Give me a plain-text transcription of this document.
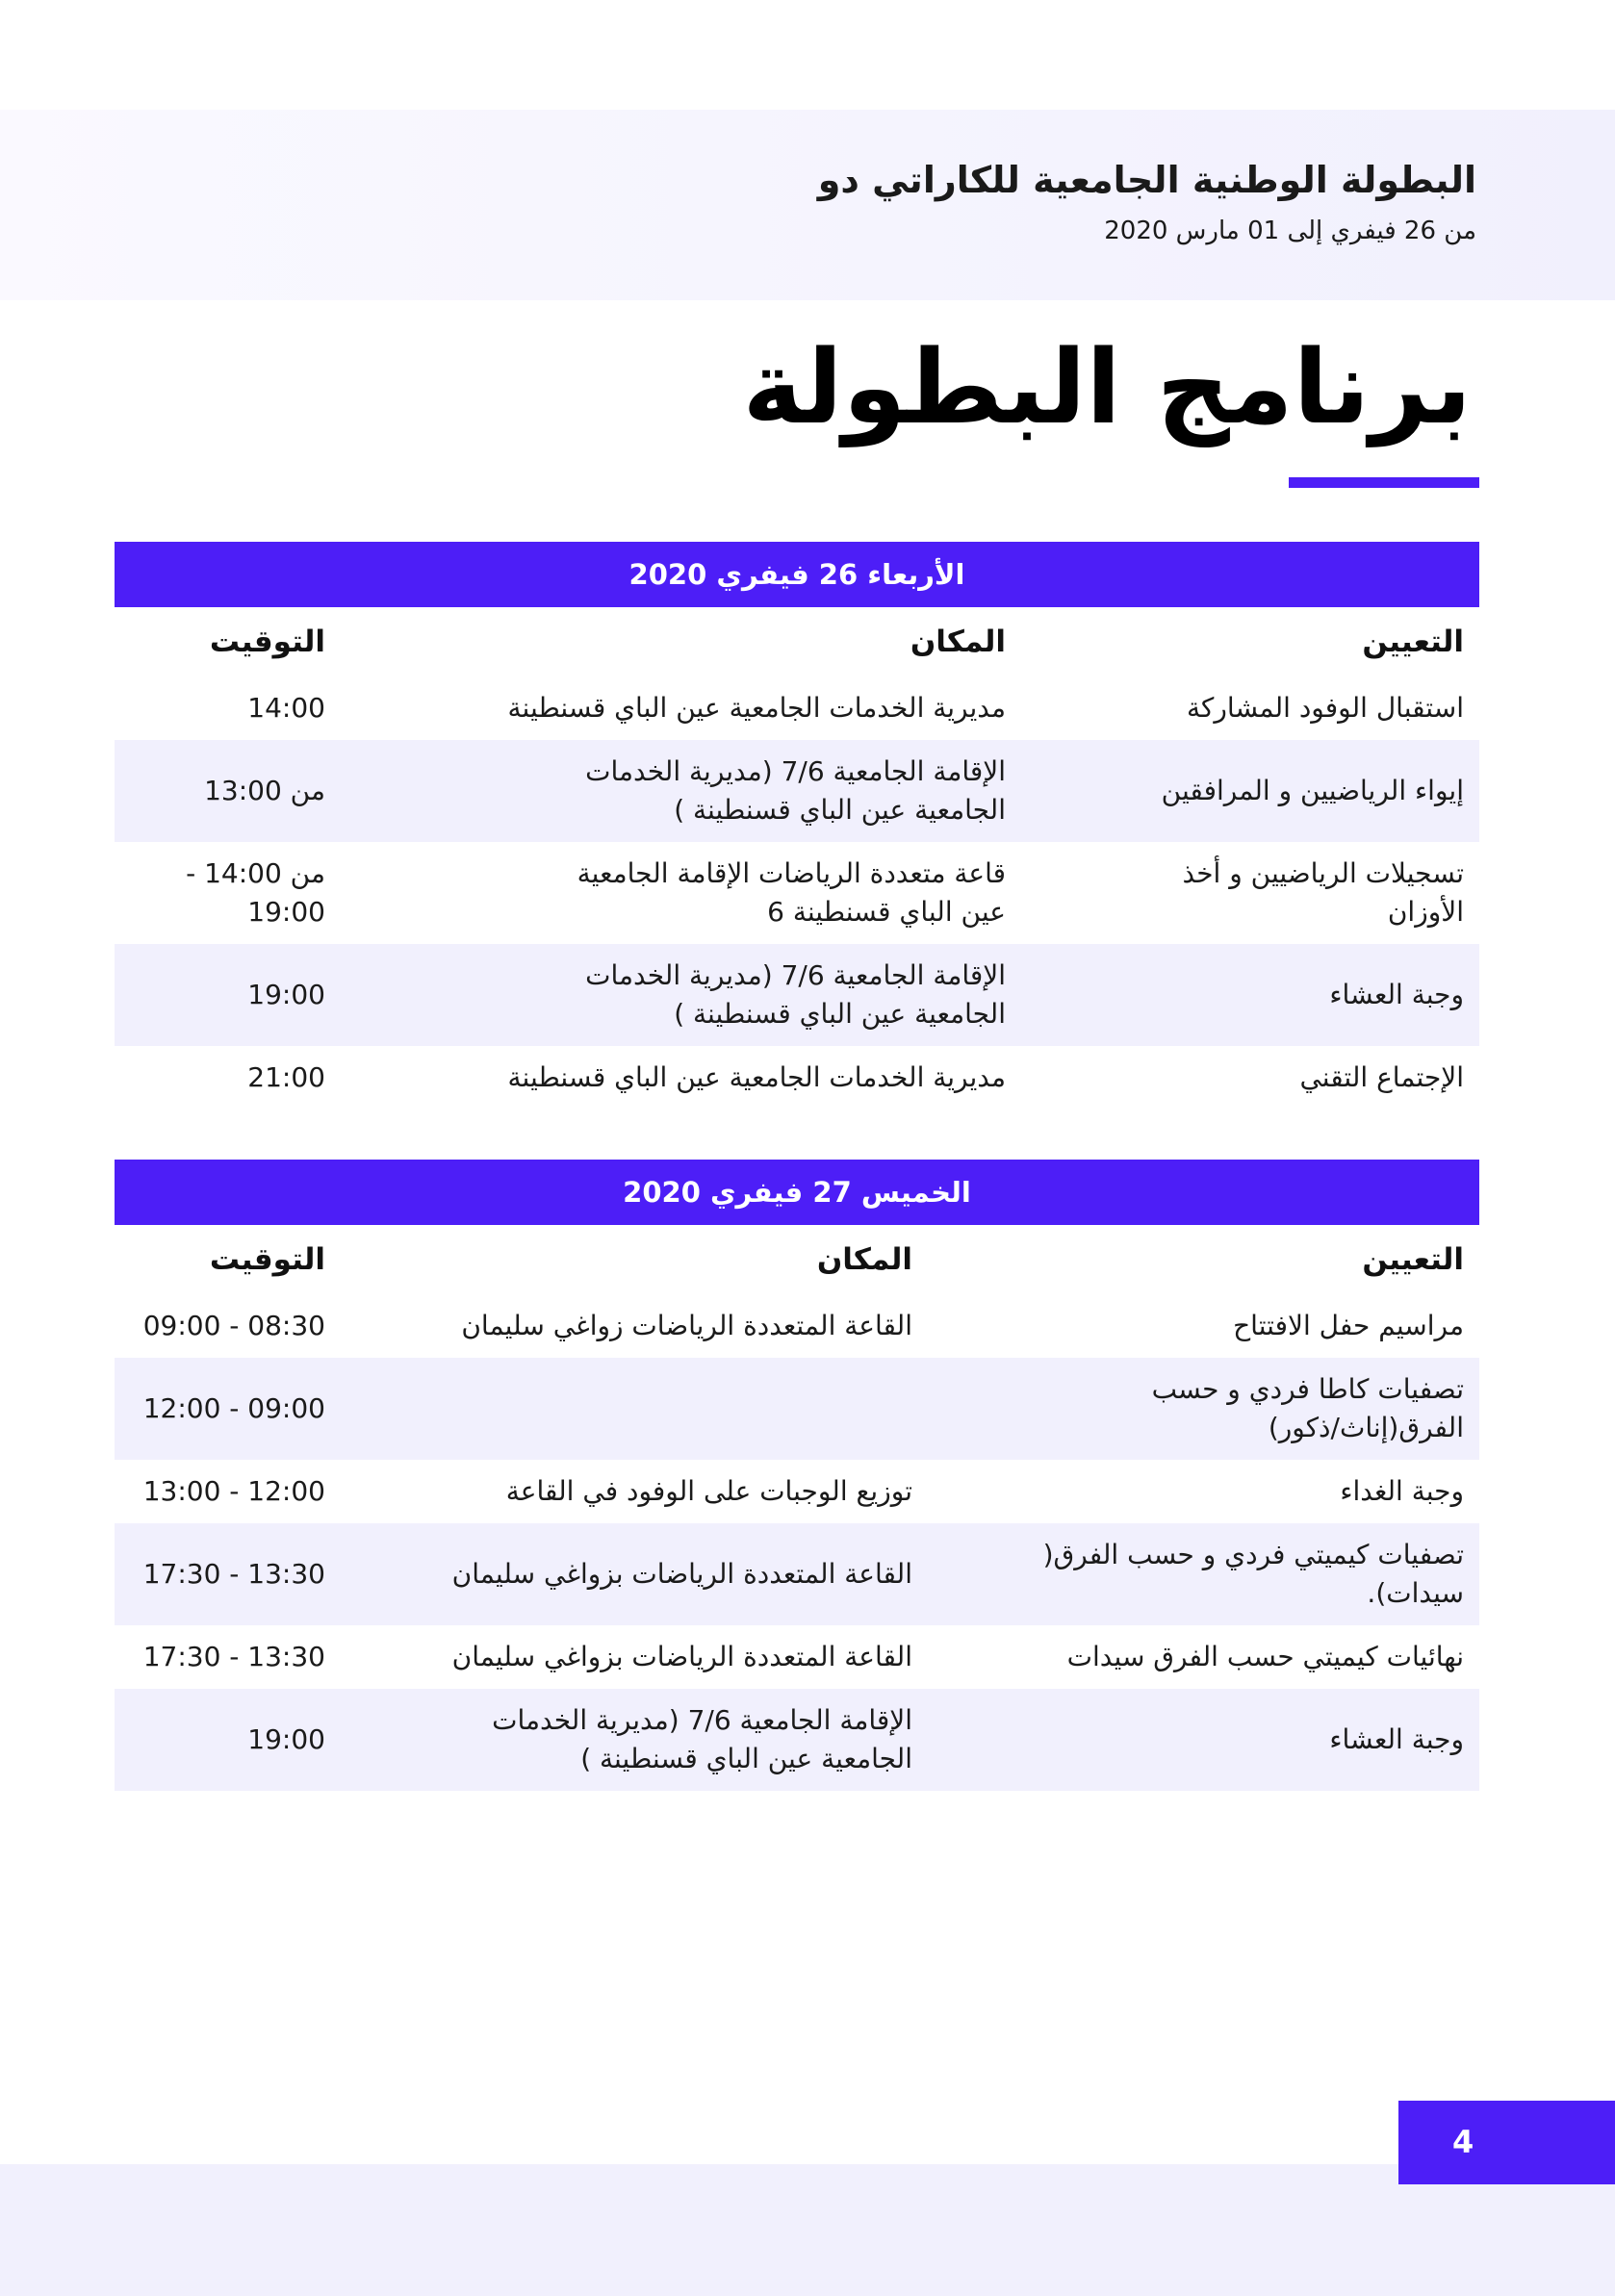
البطولة الوطنية الجامعية للكاراتي دو
من 26 فيفري إلى 01 مارس 2020
برنامج البطولة
الأربعاء 26 فيفري 2020
التعيين
المكان
التوقيت
استقبال الوفود المشاركة
مديرية الخدمات الجامعية عين الباي قسنطينة
14:00
إيواء الرياضيين و المرافقين
الإقامة الجامعية 7/6 (مديرية الخدمات
الجامعية عين الباي قسنطينة )
من 13:00
تسجيلات الرياضيين و أخذ
الأوزان
قاعة متعددة الرياضات الإقامة الجامعية
عين الباي قسنطينة 6
من 14:00 -
19:00
وجبة العشاء
الإقامة الجامعية 7/6 (مديرية الخدمات
الجامعية عين الباي قسنطينة )
19:00
الإجتماع التقني
مديرية الخدمات الجامعية عين الباي قسنطينة
21:00
الخميس 27 فيفري 2020
التعيين
المكان
التوقيت
مراسيم حفل الافتتاح
القاعة المتعددة الرياضات زواغي سليمان
08:30 - 09:00
تصفيات كاطا فردي و حسب
الفرق(إناث/ذكور)
09:00 - 12:00
وجبة الغداء
توزيع الوجبات على الوفود في القاعة
12:00 - 13:00
تصفيات كيميتي فردي و حسب الفرق(
سيدات).
القاعة المتعددة الرياضات بزواغي سليمان
13:30 - 17:30
نهائيات كيميتي حسب الفرق سيدات
القاعة المتعددة الرياضات بزواغي سليمان
13:30 - 17:30
وجبة العشاء
الإقامة الجامعية 7/6 (مديرية الخدمات
الجامعية عين الباي قسنطينة )
19:00
4
